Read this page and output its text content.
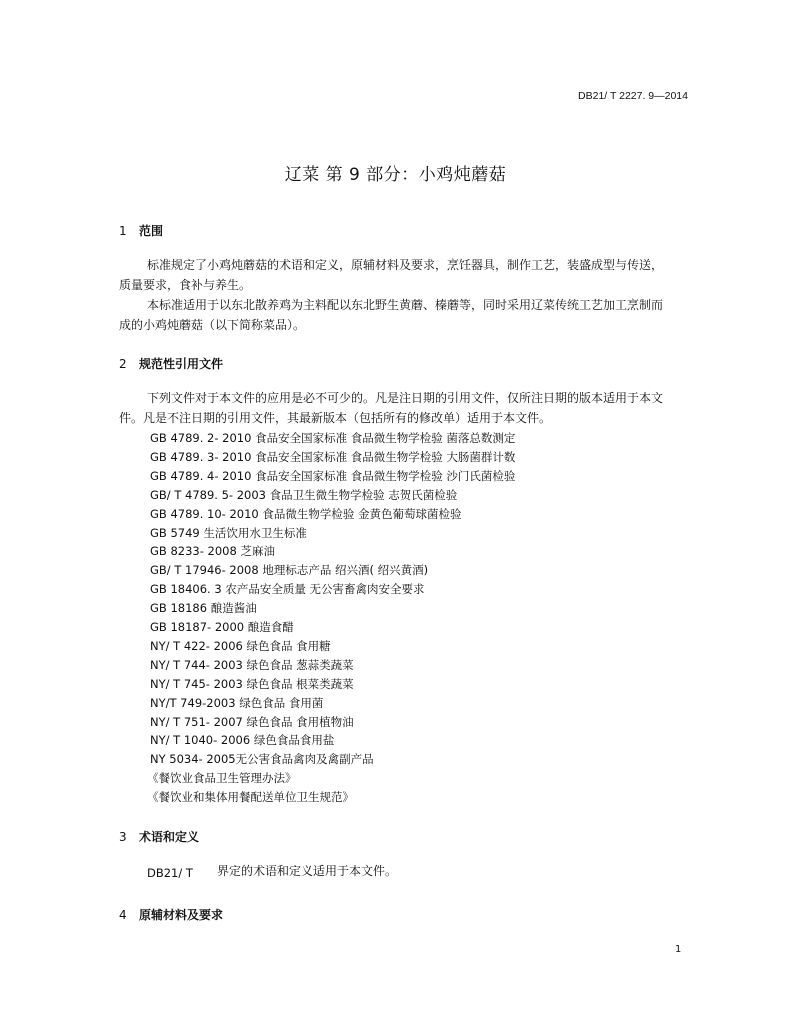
DB21/ T 2227. 9—2014
辽菜 第 9 部分：小鸡炖蘑菇
1 范围
标准规定了小鸡炖蘑菇的术语和定义，原辅材料及要求，烹饪器具，制作工艺，装盛成型与传送，
质量要求，食补与养生。
本标准适用于以东北散养鸡为主料配以东北野生黄蘑、榛蘑等，同时采用辽菜传统工艺加工烹制而
成的小鸡炖蘑菇（以下简称菜品）。
2 规范性引用文件
下列文件对于本文件的应用是必不可少的。凡是注日期的引用文件，仅所注日期的版本适用于本文
件。凡是不注日期的引用文件，其最新版本（包括所有的修改单）适用于本文件。
GB 4789. 2- 2010 食品安全国家标准 食品微生物学检验 菌落总数测定
GB 4789. 3- 2010 食品安全国家标准 食品微生物学检验 大肠菌群计数
GB 4789. 4- 2010 食品安全国家标准 食品微生物学检验 沙门氏菌检验
GB/ T 4789. 5- 2003 食品卫生微生物学检验 志贺氏菌检验
GB 4789. 10- 2010 食品微生物学检验 金黄色葡萄球菌检验
GB 5749 生活饮用水卫生标准
GB 8233- 2008 芝麻油
GB/ T 17946- 2008 地理标志产品 绍兴酒( 绍兴黄酒)
GB 18406. 3 农产品安全质量 无公害畜禽肉安全要求
GB 18186 酿造酱油
GB 18187- 2000 酿造食醋
NY/ T 422- 2006 绿色食品 食用糖
NY/ T 744- 2003 绿色食品 葱蒜类蔬菜
NY/ T 745- 2003 绿色食品 根菜类蔬菜
NY/T 749-2003 绿色食品 食用菌
NY/ T 751- 2007 绿色食品 食用植物油
NY/ T 1040- 2006 绿色食品食用盐
NY 5034- 2005无公害食品禽肉及禽副产品
《餐饮业食品卫生管理办法》
《餐饮业和集体用餐配送单位卫生规范》
3 术语和定义
DB21/ T 界定的术语和定义适用于本文件。
4 原辅材料及要求
1
